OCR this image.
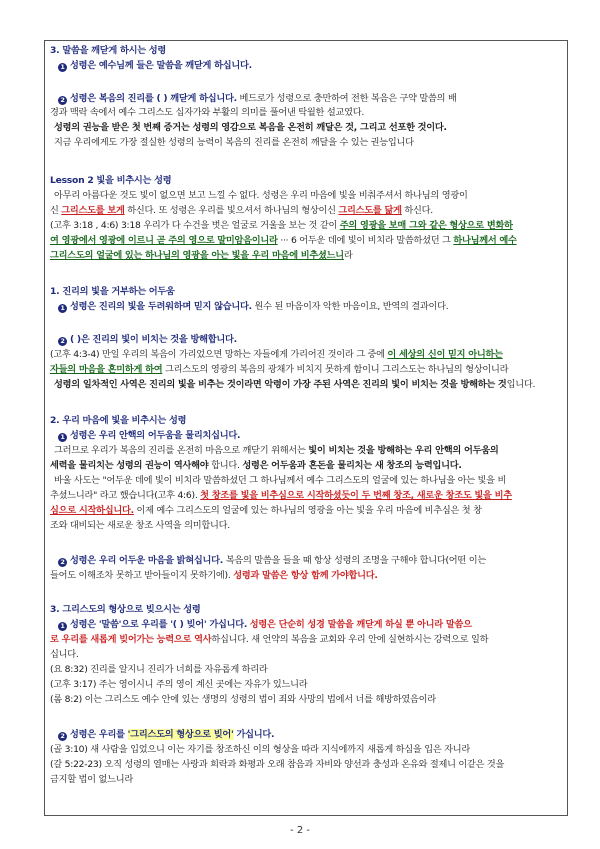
3. 말씀을 깨닫게 하시는 성령
1 성령은 예수님께 들은 말씀을 깨닫게 하십니다.
2 성령은 복음의 진리를 ( ) 깨닫게 하십니다. 베드로가 성령으로 충만하여 전한 복음은 구약 말씀의 배
경과 맥락 속에서 예수 그리스도 십자가와 부활의 의미를 풀어낸 탁월한 설교였다.
성령의 권능을 받은 첫 번째 증거는 성령의 영감으로 복음을 온전히 깨달은 것, 그리고 선포한 것이다.
지금 우리에게도 가장 절실한 성령의 능력이 복음의 진리를 온전히 깨달을 수 있는 권능입니다
Lesson 2 빛을 비추시는 성령
아무리 아름다운 것도 빛이 없으면 보고 느낄 수 없다. 성령은 우리 마음에 빛을 비춰주셔서 하나님의 영광이
신 그리스도를 보게 하신다. 또 성령은 우리를 빛으셔서 하나님의 형상이신 그리스도를 닮게 하신다.
(고후 3:18 , 4:6) 3:18 우리가 다 수건을 벗은 얼굴로 거울을 보는 것 같이 주의 영광을 보매 그와 같은 형상으로 변화하
여 영광에서 영광에 이르니 곧 주의 영으로 말미암음이니라 ··· 6 어두운 데에 빛이 비치라 말씀하셨던 그 하나님께서 예수
그리스도의 얼굴에 있는 하나님의 영광을 아는 빛을 우리 마음에 비추셨느니라
1. 진리의 빛을 거부하는 어두움
1 성령은 진리의 빛을 두려워하며 믿지 않습니다. 원수 된 마음이자 악한 마음이요, 반역의 결과이다.
2 ( )은 진리의 빛이 비치는 것을 방해합니다.
(고후 4:3-4) 만일 우리의 복음이 가리었으면 망하는 자들에게 가리어진 것이라 그 중에 이 세상의 신이 믿지 아니하는
자들의 마음을 혼미하게 하여 그리스도의 영광의 복음의 광채가 비치지 못하게 함이니 그리스도는 하나님의 형상이니라
성령의 일차적인 사역은 진리의 빛을 비추는 것이라면 악령이 가장 주된 사역은 진리의 빛이 비치는 것을 방해하는 것입니다.
2. 우리 마음에 빛을 비추시는 성령
1 성령은 우리 안핵의 어두움을 물리치십니다.
그러므로 우리가 복음의 진리를 온전히 마음으로 깨닫기 위해서는 빛이 비치는 것을 방해하는 우리 안핵의 어두움의
세력을 물리치는 성령의 권능이 역사해야 합니다. 성령은 어두움과 혼돈을 물리치는 새 창조의 능력입니다.
바울 사도는 "어두운 데에 빛이 비치라 말씀하셨던 그 하나님께서 예수 그리스도의 얼굴에 있는 하나님을 아는 빛을 비
추셨느니라" 라고 했습니다(고후 4:6). 첫 창조를 빛을 비추심으로 시작하셨듯이 두 번째 창조, 새로운 창조도 빛을 비추
심으로 시작하십니다. 이제 예수 그리스도의 얼굴에 있는 하나님의 영광을 아는 빛을 우리 마음에 비추심은 첫 창
조와 대비되는 새로운 창조 사역을 의미합니다.
2 성령은 우리 어두운 마음을 밝혀십니다. 복음의 말씀을 들을 때 항상 성령의 조명을 구해야 합니다(어떤 이는
들어도 이해조차 못하고 받아들이지 못하기에). 성령과 말씀은 항상 함께 가야합니다.
3. 그리스도의 형상으로 빚으시는 성령
1 성령은 '말씀'으로 우리를 '( ) 빚어' 가십니다. 성령은 단순히 성경 말씀을 깨닫게 하실 뿐 아니라 말씀으
로 우리를 새롭게 빚어가는 능력으로 역사하십니다. 새 언약의 복음을 교회와 우리 안에 실현하시는 강력으로 일하
십니다.
(요 8:32) 진리를 알지니 진리가 너희를 자유롭게 하리라
(고후 3:17) 주는 영이시니 주의 영이 계신 곳에는 자유가 있느니라
(롬 8:2) 이는 그리스도 예수 안에 있는 생명의 성령의 법이 죄와 사망의 법에서 너를 해방하였음이라
2 성령은 우리를 '그리스도의 형상으로 빚어' 가십니다.
(골 3:10) 새 사람을 입었으니 이는 자기를 창조하신 이의 형상을 따라 지식에까지 새롭게 하심을 입은 자니라
(갈 5:22-23) 오직 성령의 열매는 사랑과 희락과 화평과 오래 참음과 자비와 양선과 충성과 온유와 절제니 이같은 것을
금지할 법이 없느니라
- 2 -
